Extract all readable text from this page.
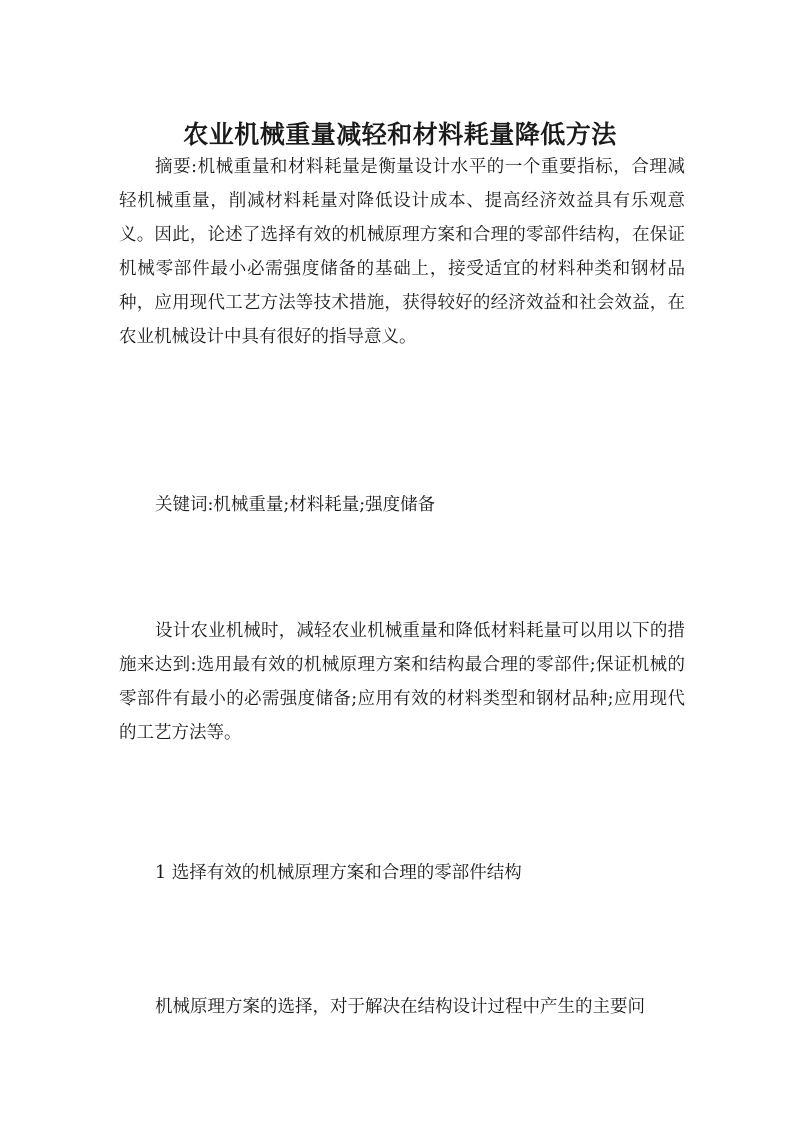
农业机械重量减轻和材料耗量降低方法

摘要:机械重量和材料耗量是衡量设计水平的一个重要指标，合理减轻机械重量，削减材料耗量对降低设计成本、提高经济效益具有乐观意义。因此，论述了选择有效的机械原理方案和合理的零部件结构，在保证机械零部件最小必需强度储备的基础上，接受适宜的材料种类和钢材品种，应用现代工艺方法等技术措施，获得较好的经济效益和社会效益，在农业机械设计中具有很好的指导意义。

关键词:机械重量;材料耗量;强度储备

设计农业机械时，减轻农业机械重量和降低材料耗量可以用以下的措施来达到:选用最有效的机械原理方案和结构最合理的零部件;保证机械的零部件有最小的必需强度储备;应用有效的材料类型和钢材品种;应用现代的工艺方法等。

1 选择有效的机械原理方案和合理的零部件结构

机械原理方案的选择，对于解决在结构设计过程中产生的主要问
